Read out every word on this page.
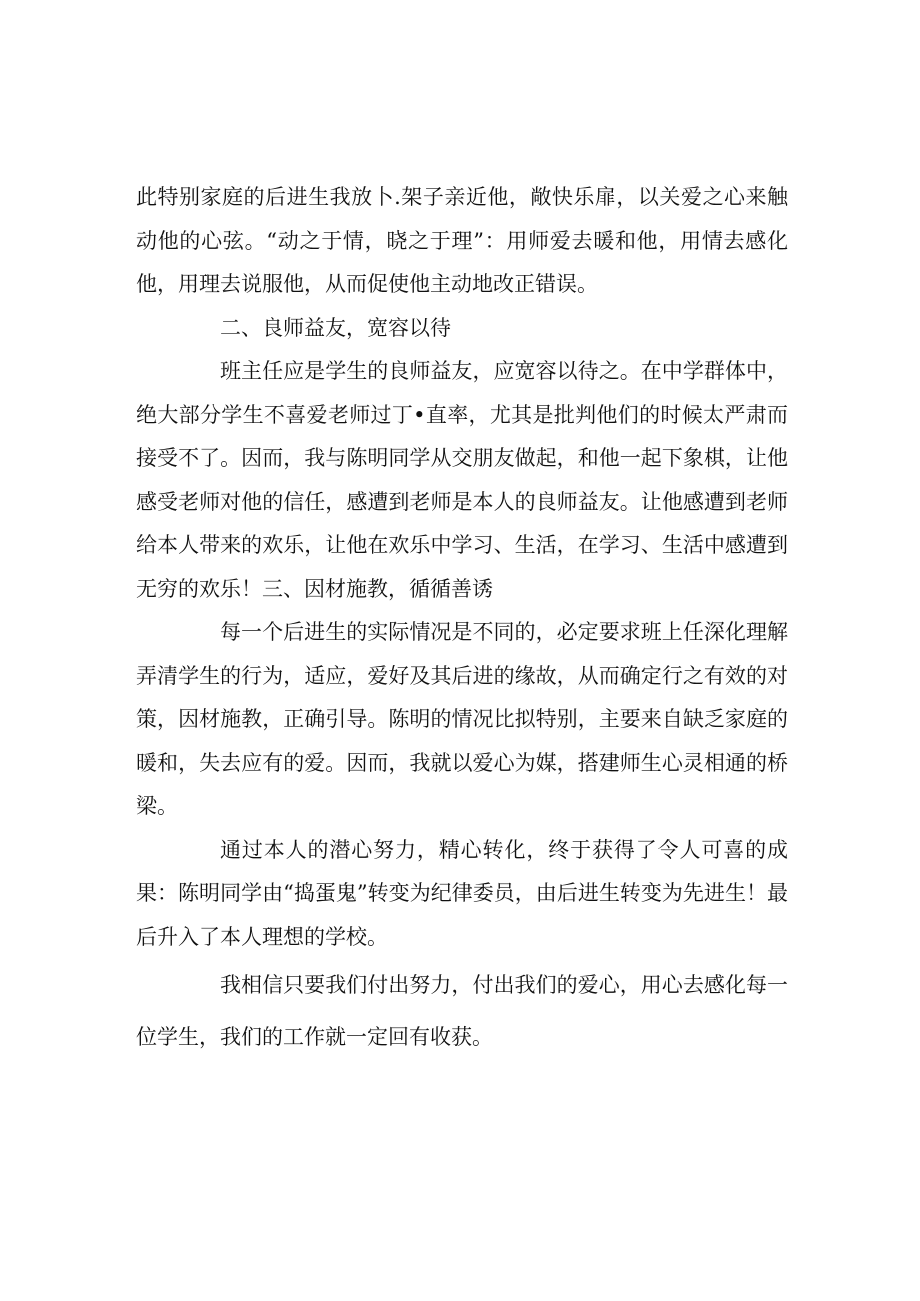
此特别家庭的后进生我放卜.架子亲近他，敞快乐扉，以关爱之心来触动他的心弦。“动之于情，晓之于理”：用师爱去暖和他，用情去感化他，用理去说服他，从而促使他主动地改正错误。

二、良师益友，宽容以待

班主任应是学生的良师益友，应宽容以待之。在中学群体中，绝大部分学生不喜爱老师过丁•直率，尤其是批判他们的时候太严肃而接受不了。因而，我与陈明同学从交朋友做起，和他一起下象棋，让他感受老师对他的信任，感遭到老师是本人的良师益友。让他感遭到老师给本人带来的欢乐，让他在欢乐中学习、生活，在学习、生活中感遭到无穷的欢乐！三、因材施教，循循善诱

每一个后进生的实际情况是不同的，必定要求班上任深化理解弄清学生的行为，适应，爱好及其后进的缘故，从而确定行之有效的对策，因材施教，正确引导。陈明的情况比拟特别，主要来自缺乏家庭的暖和，失去应有的爱。因而，我就以爱心为媒，搭建师生心灵相通的桥梁。

通过本人的潜心努力，精心转化，终于获得了令人可喜的成果：陈明同学由“捣蛋鬼”转变为纪律委员，由后进生转变为先进生！最后升入了本人理想的学校。

我相信只要我们付出努力，付出我们的爱心，用心去感化每一位学生，我们的工作就一定回有收获。
